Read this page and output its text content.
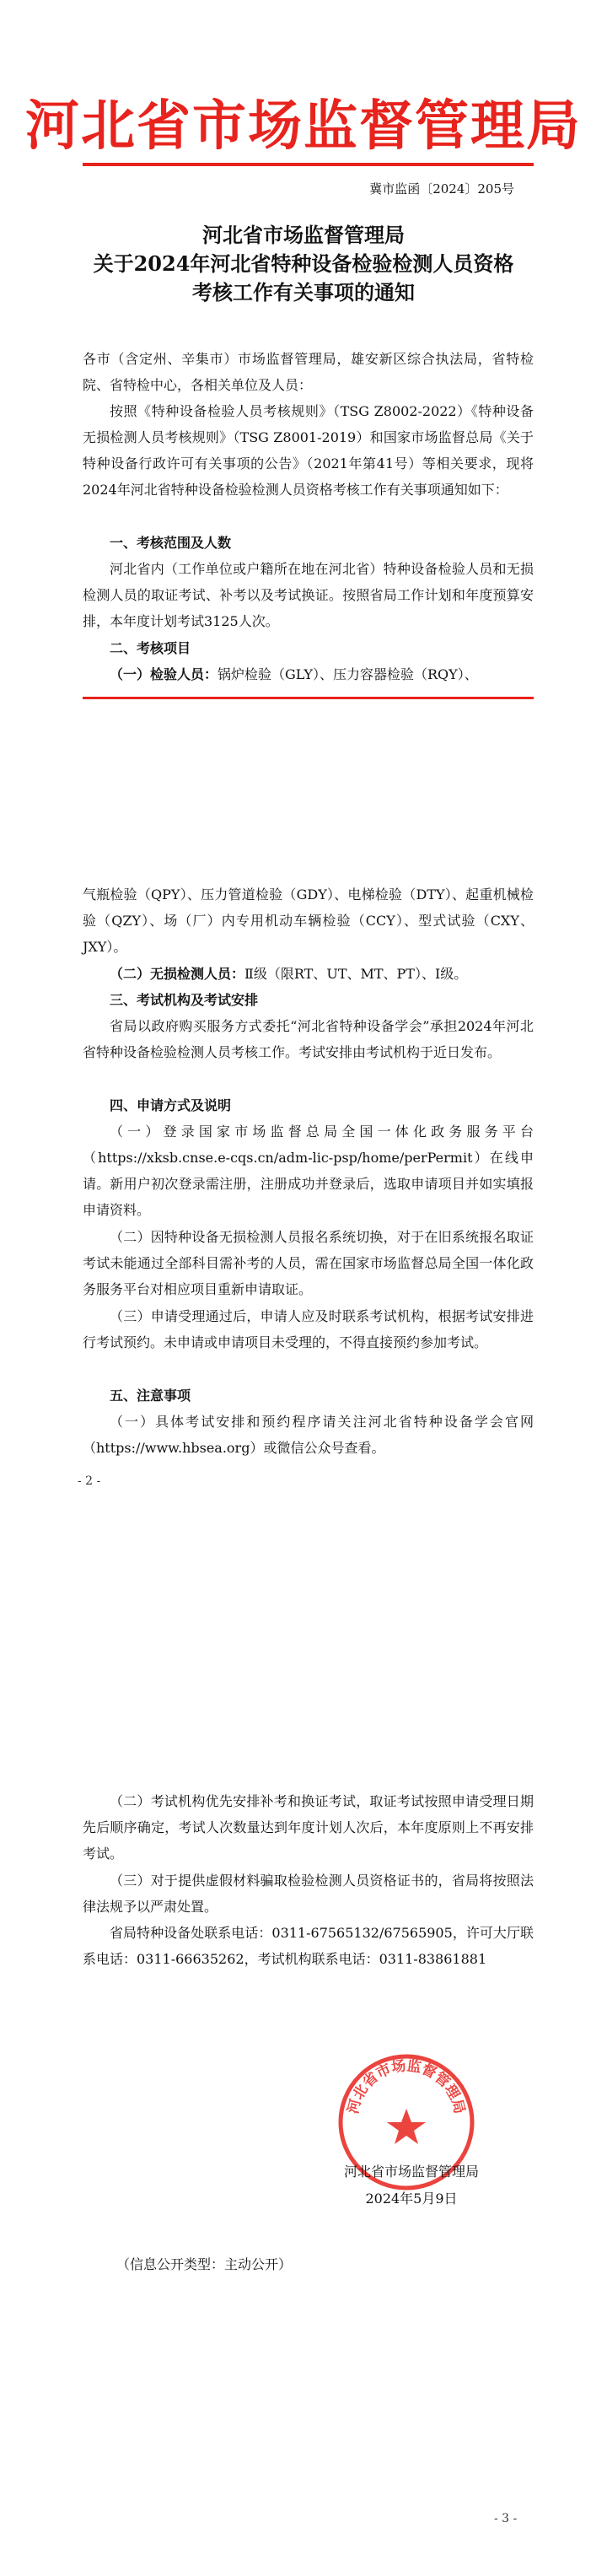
河北省市场监督管理局
冀市监函〔2024〕205号
河北省市场监督管理局
关于2024年河北省特种设备检验检测人员资格
考核工作有关事项的通知

各市（含定州、辛集市）市场监督管理局，雄安新区综合执法局，省特检院、省特检中心，各相关单位及人员：

按照《特种设备检验人员考核规则》（TSG Z8002-2022）《特种设备无损检测人员考核规则》（TSG Z8001-2019）和国家市场监督总局《关于特种设备行政许可有关事项的公告》（2021年第41号）等相关要求，现将2024年河北省特种设备检验检测人员资格考核工作有关事项通知如下：

一、考核范围及人数

河北省内（工作单位或户籍所在地在河北省）特种设备检验人员和无损检测人员的取证考试、补考以及考试换证。按照省局工作计划和年度预算安排，本年度计划考试3125人次。

二、考核项目

（一）检验人员：锅炉检验（GLY）、压力容器检验（RQY）、

气瓶检验（QPY）、压力管道检验（GDY）、电梯检验（DTY）、起重机械检验（QZY）、场（厂）内专用机动车辆检验（CCY）、型式试验（CXY、JXY）。

（二）无损检测人员：Ⅱ级（限RT、UT、MT、PT）、Ⅰ级。

三、考试机构及考试安排

省局以政府购买服务方式委托“河北省特种设备学会”承担2024年河北省特种设备检验检测人员考核工作。考试安排由考试机构于近日发布。

四、申请方式及说明

（一）登录国家市场监督总局全国一体化政务服务平台（https://xksb.cnse.e-cqs.cn/adm-lic-psp/home/perPermit）在线申请。新用户初次登录需注册，注册成功并登录后，选取申请项目并如实填报申请资料。

（二）因特种设备无损检测人员报名系统切换，对于在旧系统报名取证考试未能通过全部科目需补考的人员，需在国家市场监督总局全国一体化政务服务平台对相应项目重新申请取证。

（三）申请受理通过后，申请人应及时联系考试机构，根据考试安排进行考试预约。未申请或申请项目未受理的，不得直接预约参加考试。

五、注意事项

（一）具体考试安排和预约程序请关注河北省特种设备学会官网（https://www.hbsea.org）或微信公众号查看。

- 2 -

（二）考试机构优先安排补考和换证考试，取证考试按照申请受理日期先后顺序确定，考试人次数量达到年度计划人次后，本年度原则上不再安排考试。

（三）对于提供虚假材料骗取检验检测人员资格证书的，省局将按照法律法规予以严肃处置。

省局特种设备处联系电话：0311-67565132/67565905，许可大厅联系电话：0311-66635262，考试机构联系电话：0311-83861881

河北省市场监督管理局
河北省市场监督管理局
2024年5月9日
（信息公开类型：主动公开）
- 3 -
